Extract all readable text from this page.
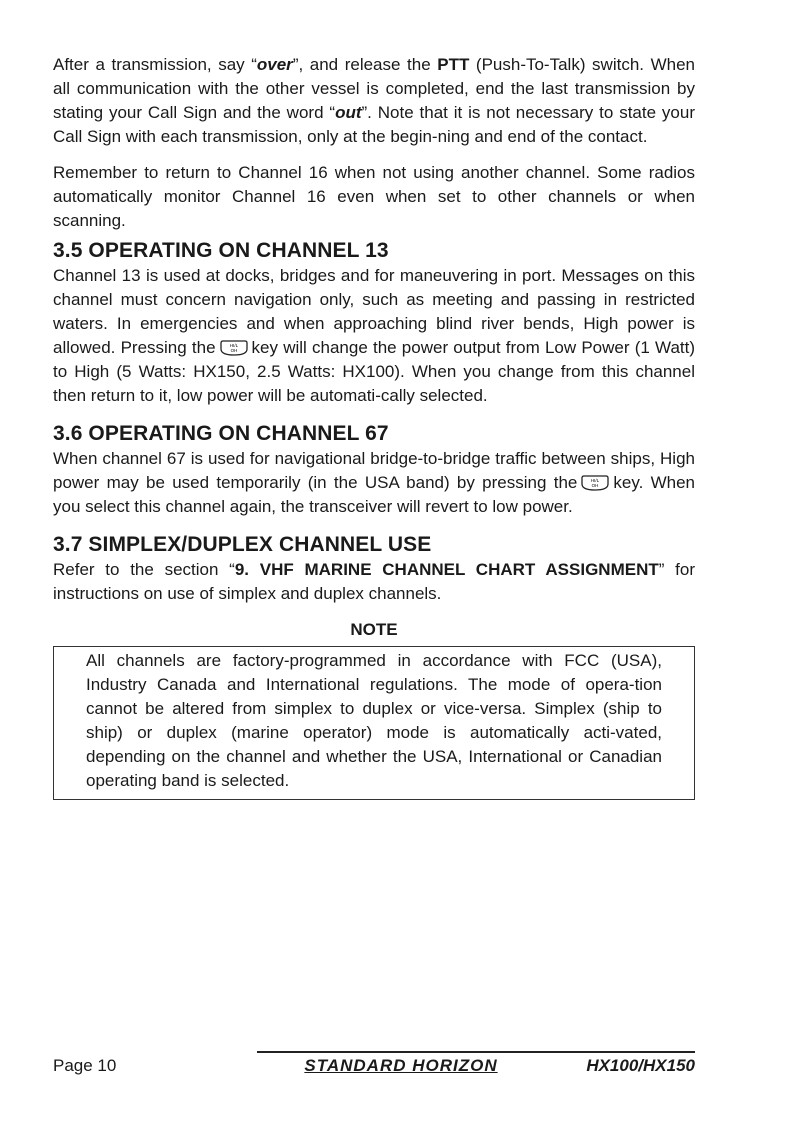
After a transmission, say “over”, and release the PTT (Push-To-Talk) switch. When all communication with the other vessel is completed, end the last transmission by stating your Call Sign and the word “out”. Note that it is not necessary to state your Call Sign with each transmission, only at the begin-ning and end of the contact.

Remember to return to Channel 16 when not using another channel. Some radios automatically monitor Channel 16 even when set to other channels or when scanning.

3.5 OPERATING ON CHANNEL 13

Channel 13 is used at docks, bridges and for maneuvering in port. Messages on this channel must concern navigation only, such as meeting and passing in restricted waters. In emergencies and when approaching blind river bends, High power is allowed. Pressing the	HI/L
OH key will change the power output from Low Power (1 Watt) to High (5 Watts: HX150, 2.5 Watts: HX100). When you change from this channel then return to it, low power will be automati-cally selected.

3.6 OPERATING ON CHANNEL 67

When channel 67 is used for navigational bridge-to-bridge traffic between ships, High power may be used temporarily (in the USA band) by pressing the	HI/L
OH key. When you select this channel again, the transceiver will revert to low power.

3.7 SIMPLEX/DUPLEX CHANNEL USE

Refer to the section “9. VHF MARINE CHANNEL CHART ASSIGNMENT” for instructions on use of simplex and duplex channels.

NOTE

All channels are factory-programmed in accordance with FCC (USA), Industry Canada and International regulations. The mode of opera-tion cannot be altered from simplex to duplex or vice-versa. Simplex (ship to ship) or duplex (marine operator) mode is automatically acti-vated, depending on the channel and whether the USA, International or Canadian operating band is selected.

Page 10	STANDARD HORIZON	HX100/HX150
